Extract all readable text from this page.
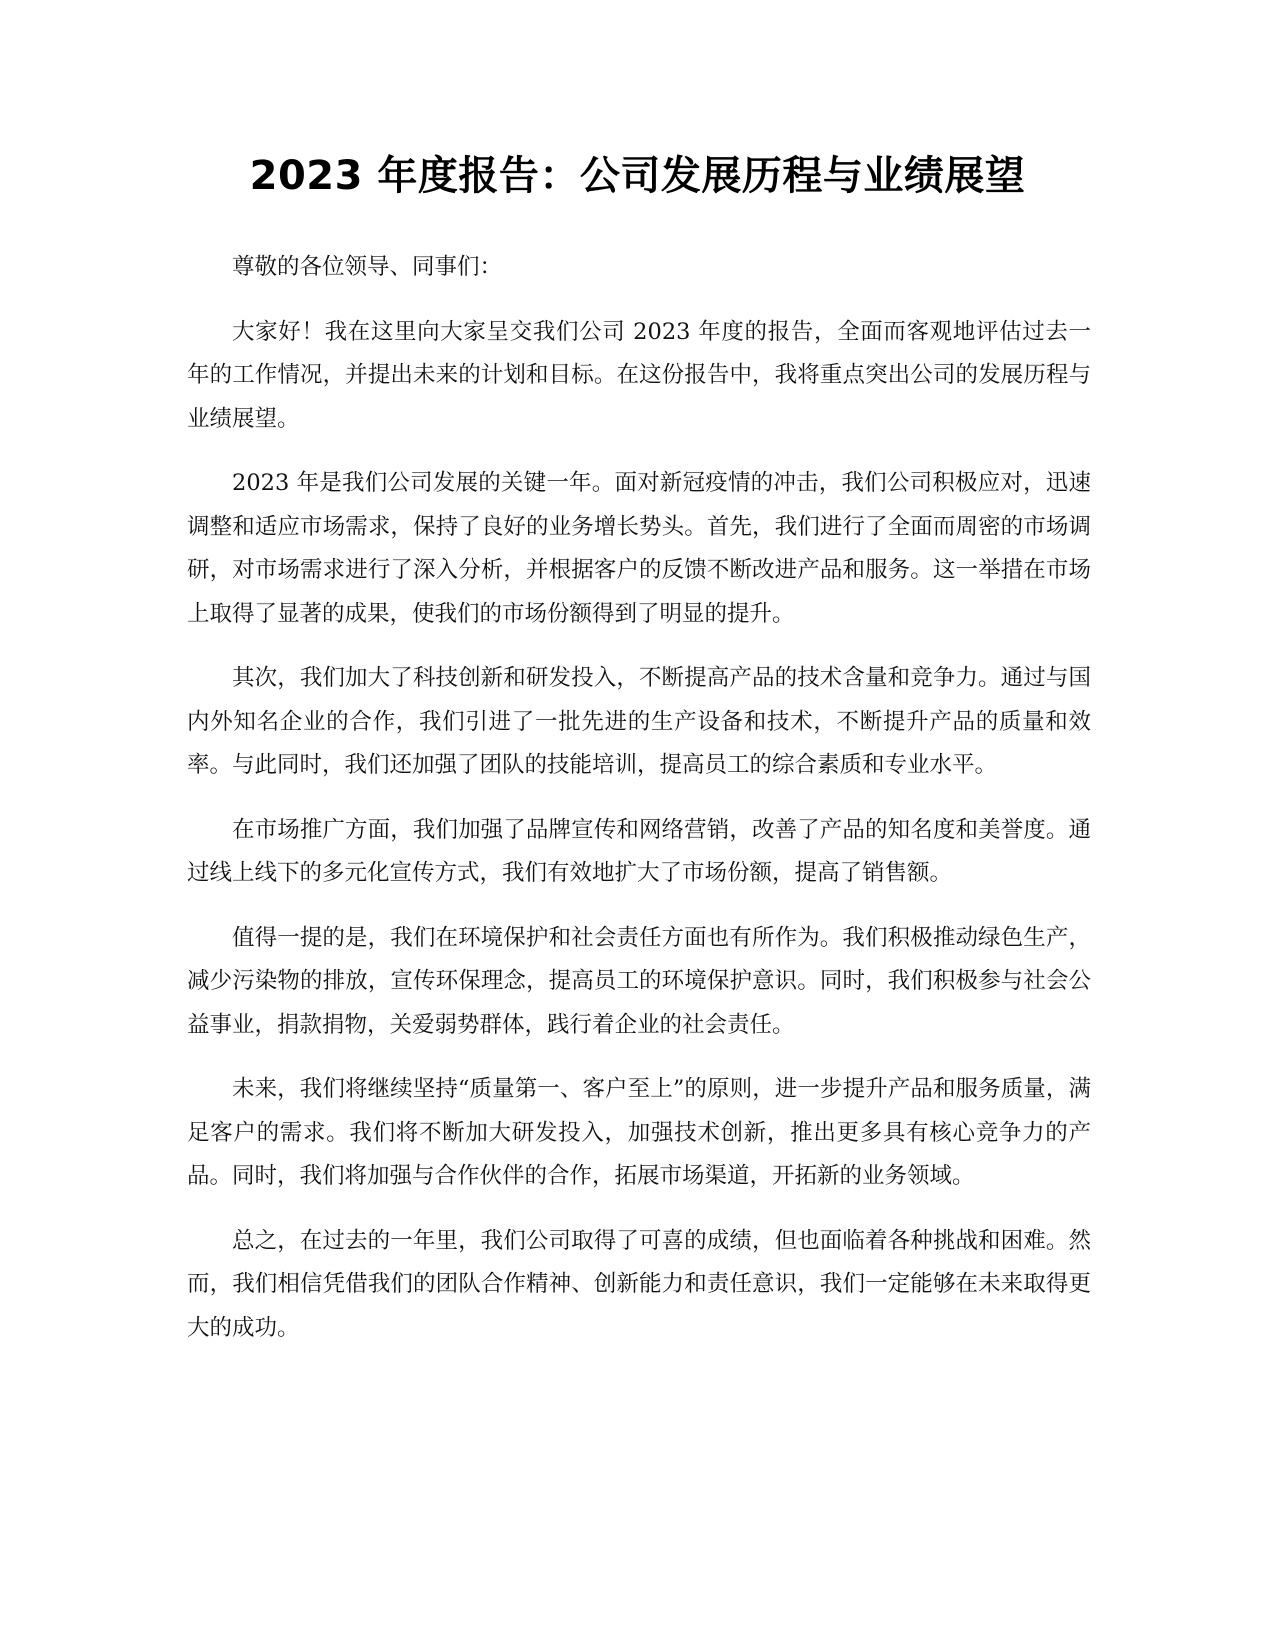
2023 年度报告：公司发展历程与业绩展望

尊敬的各位领导、同事们：

大家好！我在这里向大家呈交我们公司 2023 年度的报告，全面而客观地评估过去一年的工作情况，并提出未来的计划和目标。在这份报告中，我将重点突出公司的发展历程与业绩展望。

2023 年是我们公司发展的关键一年。面对新冠疫情的冲击，我们公司积极应对，迅速调整和适应市场需求，保持了良好的业务增长势头。首先，我们进行了全面而周密的市场调研，对市场需求进行了深入分析，并根据客户的反馈不断改进产品和服务。这一举措在市场上取得了显著的成果，使我们的市场份额得到了明显的提升。

其次，我们加大了科技创新和研发投入，不断提高产品的技术含量和竞争力。通过与国内外知名企业的合作，我们引进了一批先进的生产设备和技术，不断提升产品的质量和效率。与此同时，我们还加强了团队的技能培训，提高员工的综合素质和专业水平。

在市场推广方面，我们加强了品牌宣传和网络营销，改善了产品的知名度和美誉度。通过线上线下的多元化宣传方式，我们有效地扩大了市场份额，提高了销售额。

值得一提的是，我们在环境保护和社会责任方面也有所作为。我们积极推动绿色生产，减少污染物的排放，宣传环保理念，提高员工的环境保护意识。同时，我们积极参与社会公益事业，捐款捐物，关爱弱势群体，践行着企业的社会责任。

未来，我们将继续坚持“质量第一、客户至上”的原则，进一步提升产品和服务质量，满足客户的需求。我们将不断加大研发投入，加强技术创新，推出更多具有核心竞争力的产品。同时，我们将加强与合作伙伴的合作，拓展市场渠道，开拓新的业务领域。

总之，在过去的一年里，我们公司取得了可喜的成绩，但也面临着各种挑战和困难。然而，我们相信凭借我们的团队合作精神、创新能力和责任意识，我们一定能够在未来取得更大的成功。
